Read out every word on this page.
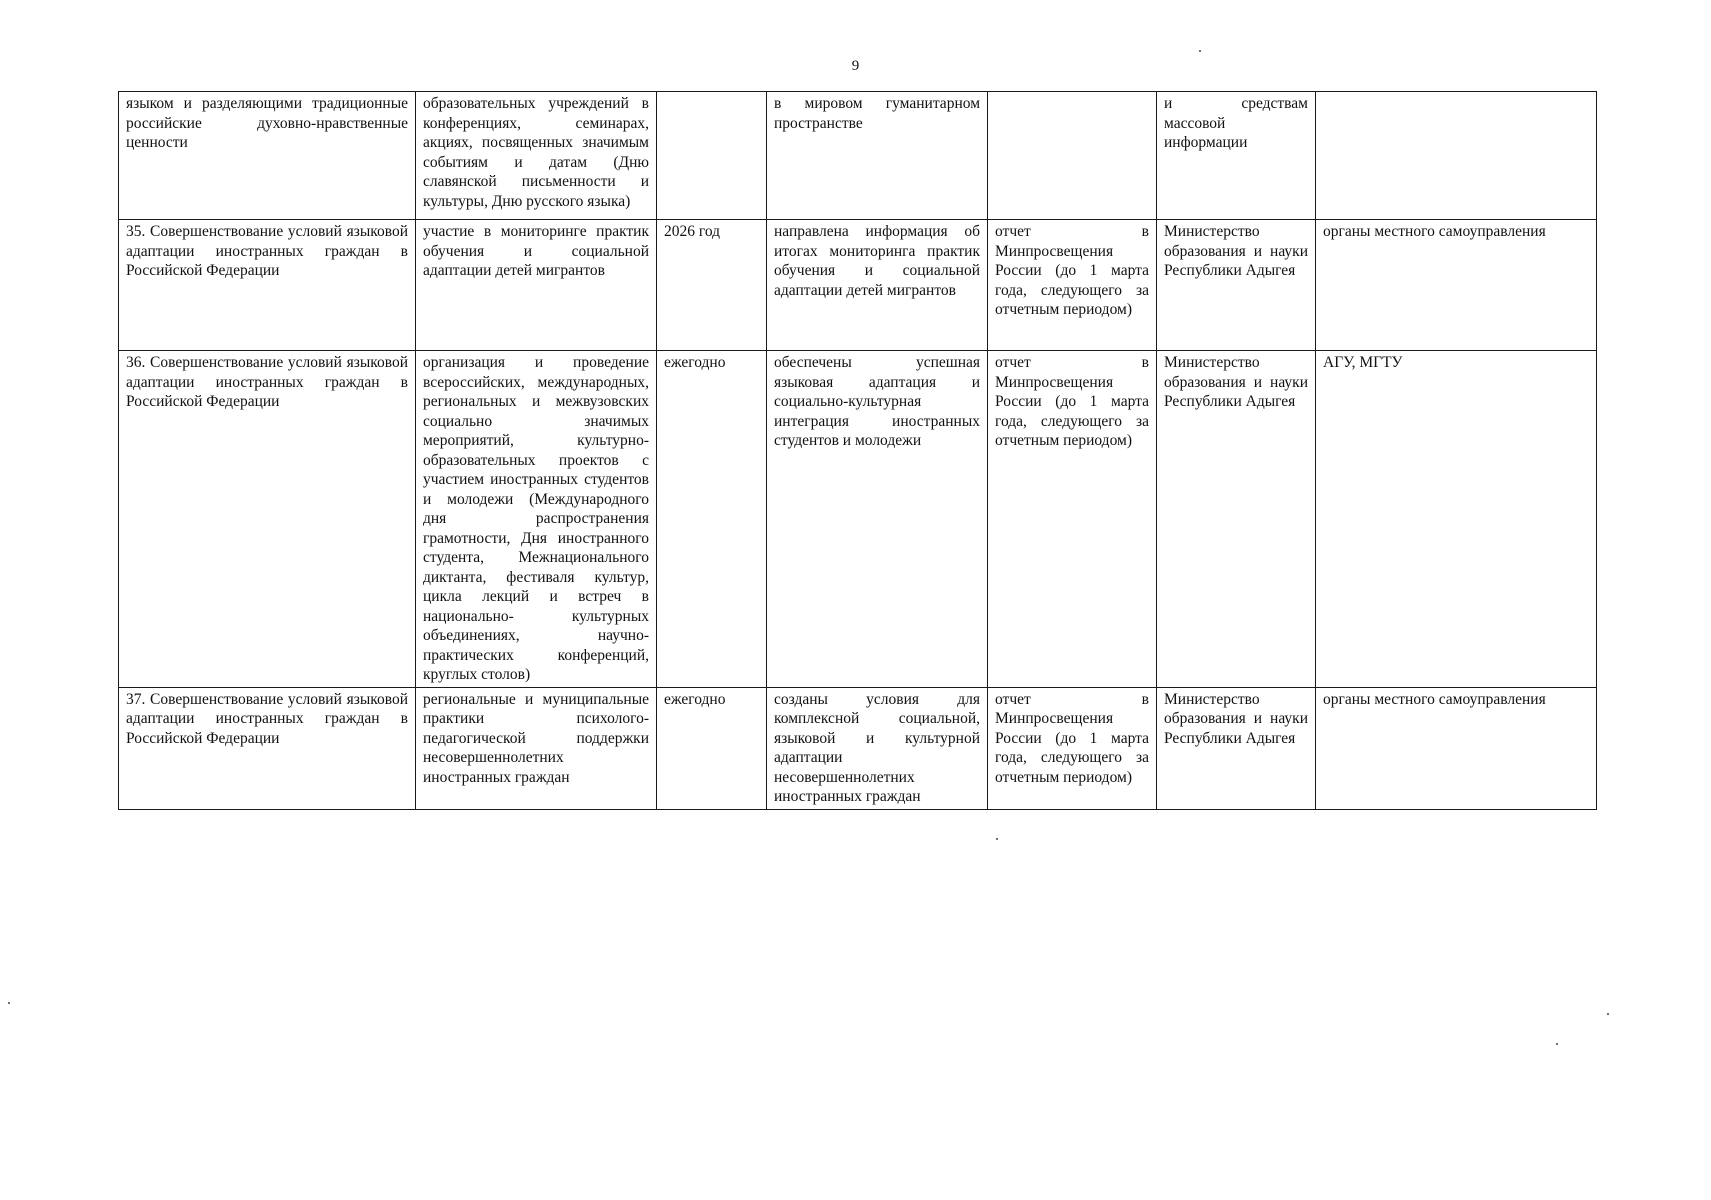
9
языком и разделяющими традиционные российские духовно-нравственные ценности	образовательных учреждений в конференциях, семинарах, акциях, посвященных значимым событиям и датам (Дню славянской письменности и культуры, Дню русского языка)		в мировом гуманитарном пространстве		и средствам массовой информации	
35. Совершенствование условий языковой адаптации иностранных граждан в Российской Федерации	участие в мониторинге практик обучения и социальной адаптации детей мигрантов	2026 год	направлена информация об итогах мониторинга практик обучения и социальной адаптации детей мигрантов	отчет в Минпросвещения России (до 1 марта года, следующего за отчетным периодом)	Министерство образования и науки Республики Адыгея	органы местного самоуправления
36. Совершенствование условий языковой адаптации иностранных граждан в Российской Федерации	организация и проведение всероссийских, международных, региональных и межвузовских социально значимых мероприятий, культурно-образовательных проектов с участием иностранных студентов и молодежи (Международного дня распространения грамотности, Дня иностранного студента, Межнационального диктанта, фестиваля культур, цикла лекций и встреч в национально- культурных объединениях, научно-практических конференций, круглых столов)	ежегодно	обеспечены успешная языковая адаптация и социально-культурная интеграция иностранных студентов и молодежи	отчет в Минпросвещения России (до 1 марта года, следующего за отчетным периодом)	Министерство образования и науки Республики Адыгея	АГУ, МГТУ
37. Совершенствование условий языковой адаптации иностранных граждан в Российской Федерации	региональные и муниципальные практики психолого-педагогической поддержки несовершеннолетних иностранных граждан	ежегодно	созданы условия для комплексной социальной, языковой и культурной адаптации несовершеннолетних иностранных граждан	отчет в Минпросвещения России (до 1 марта года, следующего за отчетным периодом)	Министерство образования и науки Республики Адыгея	органы местного самоуправления
